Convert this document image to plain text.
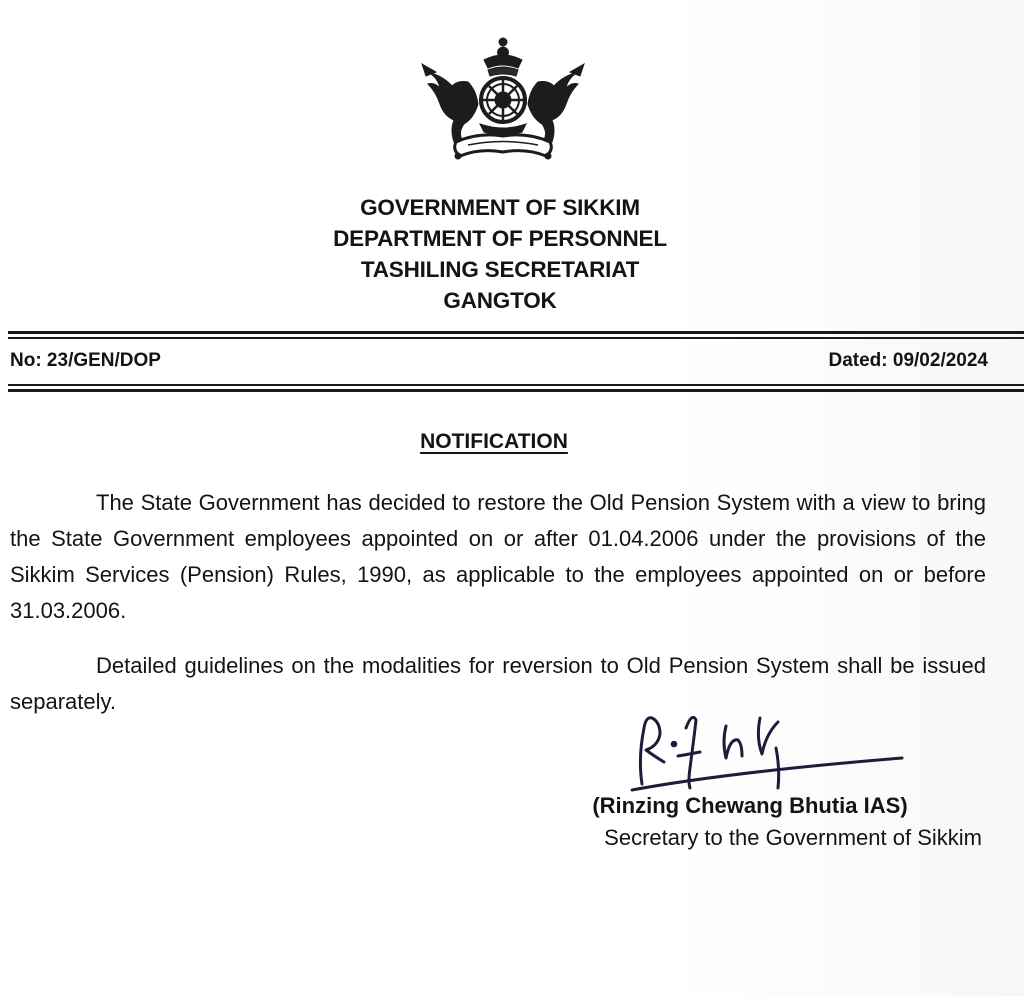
GOVERNMENT OF SIKKIM
DEPARTMENT OF PERSONNEL
TASHILING SECRETARIAT
GANGTOK
No: 23/GEN/DOP	Dated: 09/02/2024
NOTIFICATION
The State Government has decided to restore the Old Pension System with a view to bring the State Government employees appointed on or after 01.04.2006 under the provisions of the Sikkim Services (Pension) Rules, 1990, as applicable to the employees appointed on or before 31.03.2006.
Detailed guidelines on the modalities for reversion to Old Pension System shall be issued separately.
(Rinzing Chewang Bhutia IAS)
Secretary to the Government of Sikkim
